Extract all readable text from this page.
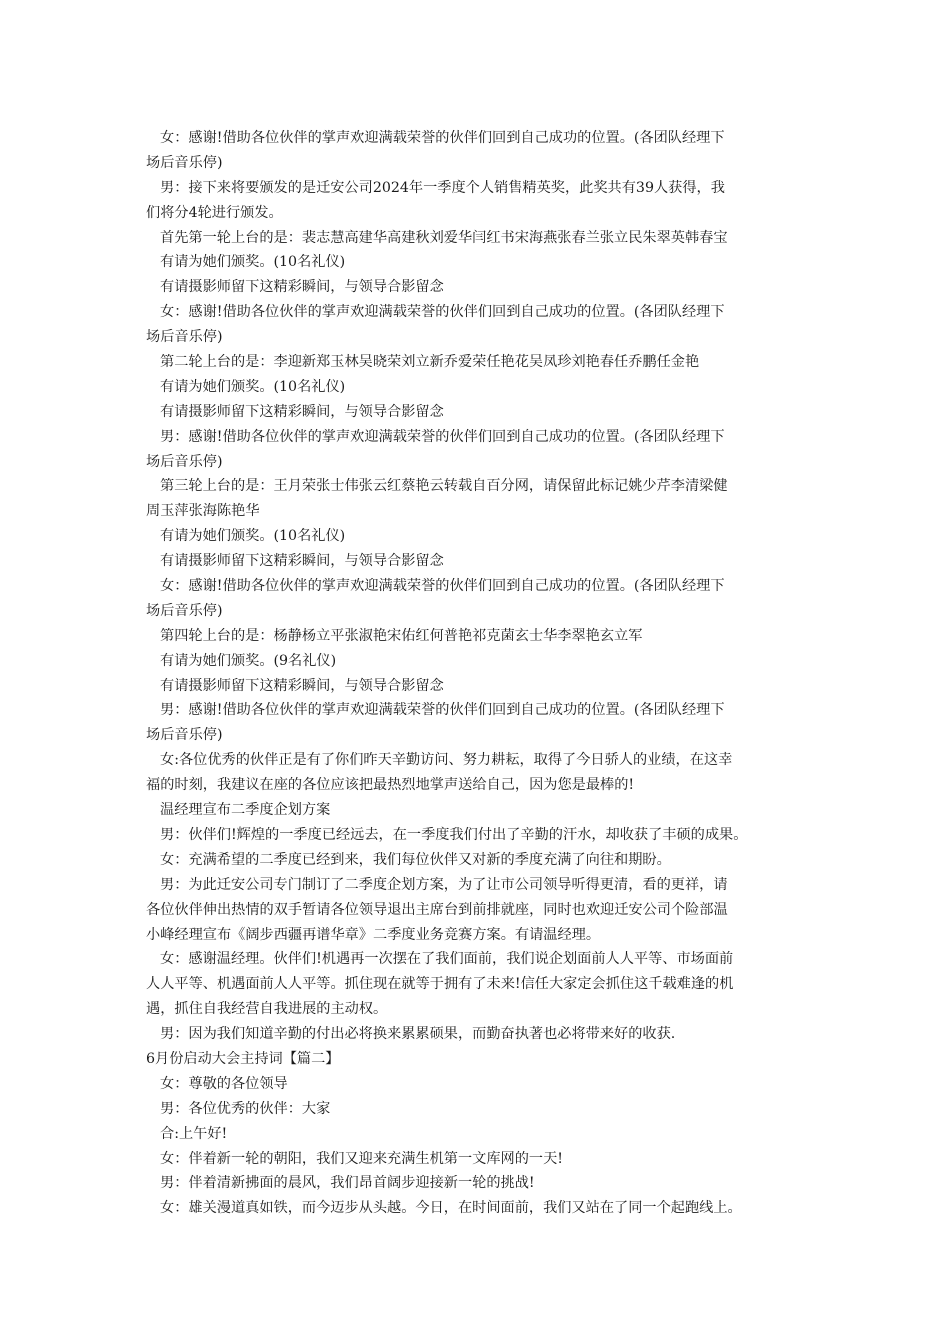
女：感谢!借助各位伙伴的掌声欢迎满载荣誉的伙伴们回到自己成功的位置。(各团队经理下
场后音乐停)
男：接下来将要颁发的是迁安公司2024年一季度个人销售精英奖，此奖共有39人获得，我
们将分4轮进行颁发。
首先第一轮上台的是：裴志慧高建华高建秋刘爱华闫红书宋海燕张春兰张立民朱翠英韩春宝
有请为她们颁奖。(10名礼仪)
有请摄影师留下这精彩瞬间，与领导合影留念
女：感谢!借助各位伙伴的掌声欢迎满载荣誉的伙伴们回到自己成功的位置。(各团队经理下
场后音乐停)
第二轮上台的是：李迎新郑玉林吴晓荣刘立新乔爱荣任艳花吴凤珍刘艳春任乔鹏任金艳
有请为她们颁奖。(10名礼仪)
有请摄影师留下这精彩瞬间，与领导合影留念
男：感谢!借助各位伙伴的掌声欢迎满载荣誉的伙伴们回到自己成功的位置。(各团队经理下
场后音乐停)
第三轮上台的是：王月荣张士伟张云红蔡艳云转载自百分网，请保留此标记姚少芹李清梁健
周玉萍张海陈艳华
有请为她们颁奖。(10名礼仪)
有请摄影师留下这精彩瞬间，与领导合影留念
女：感谢!借助各位伙伴的掌声欢迎满载荣誉的伙伴们回到自己成功的位置。(各团队经理下
场后音乐停)
第四轮上台的是：杨静杨立平张淑艳宋佑红何普艳祁克菌玄士华李翠艳玄立军
有请为她们颁奖。(9名礼仪)
有请摄影师留下这精彩瞬间，与领导合影留念
男：感谢!借助各位伙伴的掌声欢迎满载荣誉的伙伴们回到自己成功的位置。(各团队经理下
场后音乐停)
女:各位优秀的伙伴正是有了你们昨天辛勤访问、努力耕耘，取得了今日骄人的业绩，在这幸
福的时刻，我建议在座的各位应该把最热烈地掌声送给自己，因为您是最棒的!
温经理宣布二季度企划方案
男：伙伴们!辉煌的一季度已经远去，在一季度我们付出了辛勤的汗水，却收获了丰硕的成果。
女：充满希望的二季度已经到来，我们每位伙伴又对新的季度充满了向往和期盼。
男：为此迁安公司专门制订了二季度企划方案，为了让市公司领导听得更清，看的更祥，请
各位伙伴伸出热情的双手暂请各位领导退出主席台到前排就座，同时也欢迎迁安公司个险部温
小峰经理宣布《阔步西疆再谱华章》二季度业务竞赛方案。有请温经理。
女：感谢温经理。伙伴们!机遇再一次摆在了我们面前，我们说企划面前人人平等、市场面前
人人平等、机遇面前人人平等。抓住现在就等于拥有了未来!信任大家定会抓住这千载难逢的机
遇，抓住自我经营自我进展的主动权。
男：因为我们知道辛勤的付出必将换来累累硕果，而勤奋执著也必将带来好的收获.
6月份启动大会主持词【篇二】
女：尊敬的各位领导
男：各位优秀的伙伴：大家
合:上午好!
女：伴着新一轮的朝阳，我们又迎来充满生机第一文库网的一天!
男：伴着清新拂面的晨风，我们昂首阔步迎接新一轮的挑战!
女：雄关漫道真如铁，而今迈步从头越。今日，在时间面前，我们又站在了同一个起跑线上。
